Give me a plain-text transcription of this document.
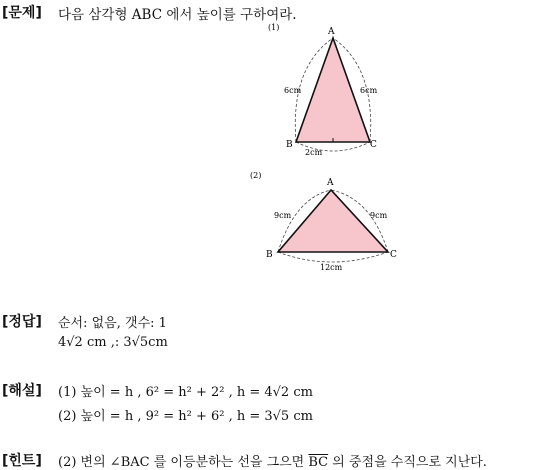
[문제] 다음 삼각형 ABC 에서 높이를 구하여라.
(1)	A
B	C
6cm	6cm
2cm
(2)
A
B	C
9cm	9cm
12cm
[정답] 순서: 없음, 갯수: 1
4√2 cm ,: 3√5cm
[해설] (1) 높이 = h , 6² = h² + 2² , h = 4√2 cm
(2) 높이 = h , 9² = h² + 6² , h = 3√5 cm
[힌트] (2) 변의 ∠BAC 를 이등분하는 선을 그으면 $\overline{BC}$ 의 중점을 수직으로 지난다.
